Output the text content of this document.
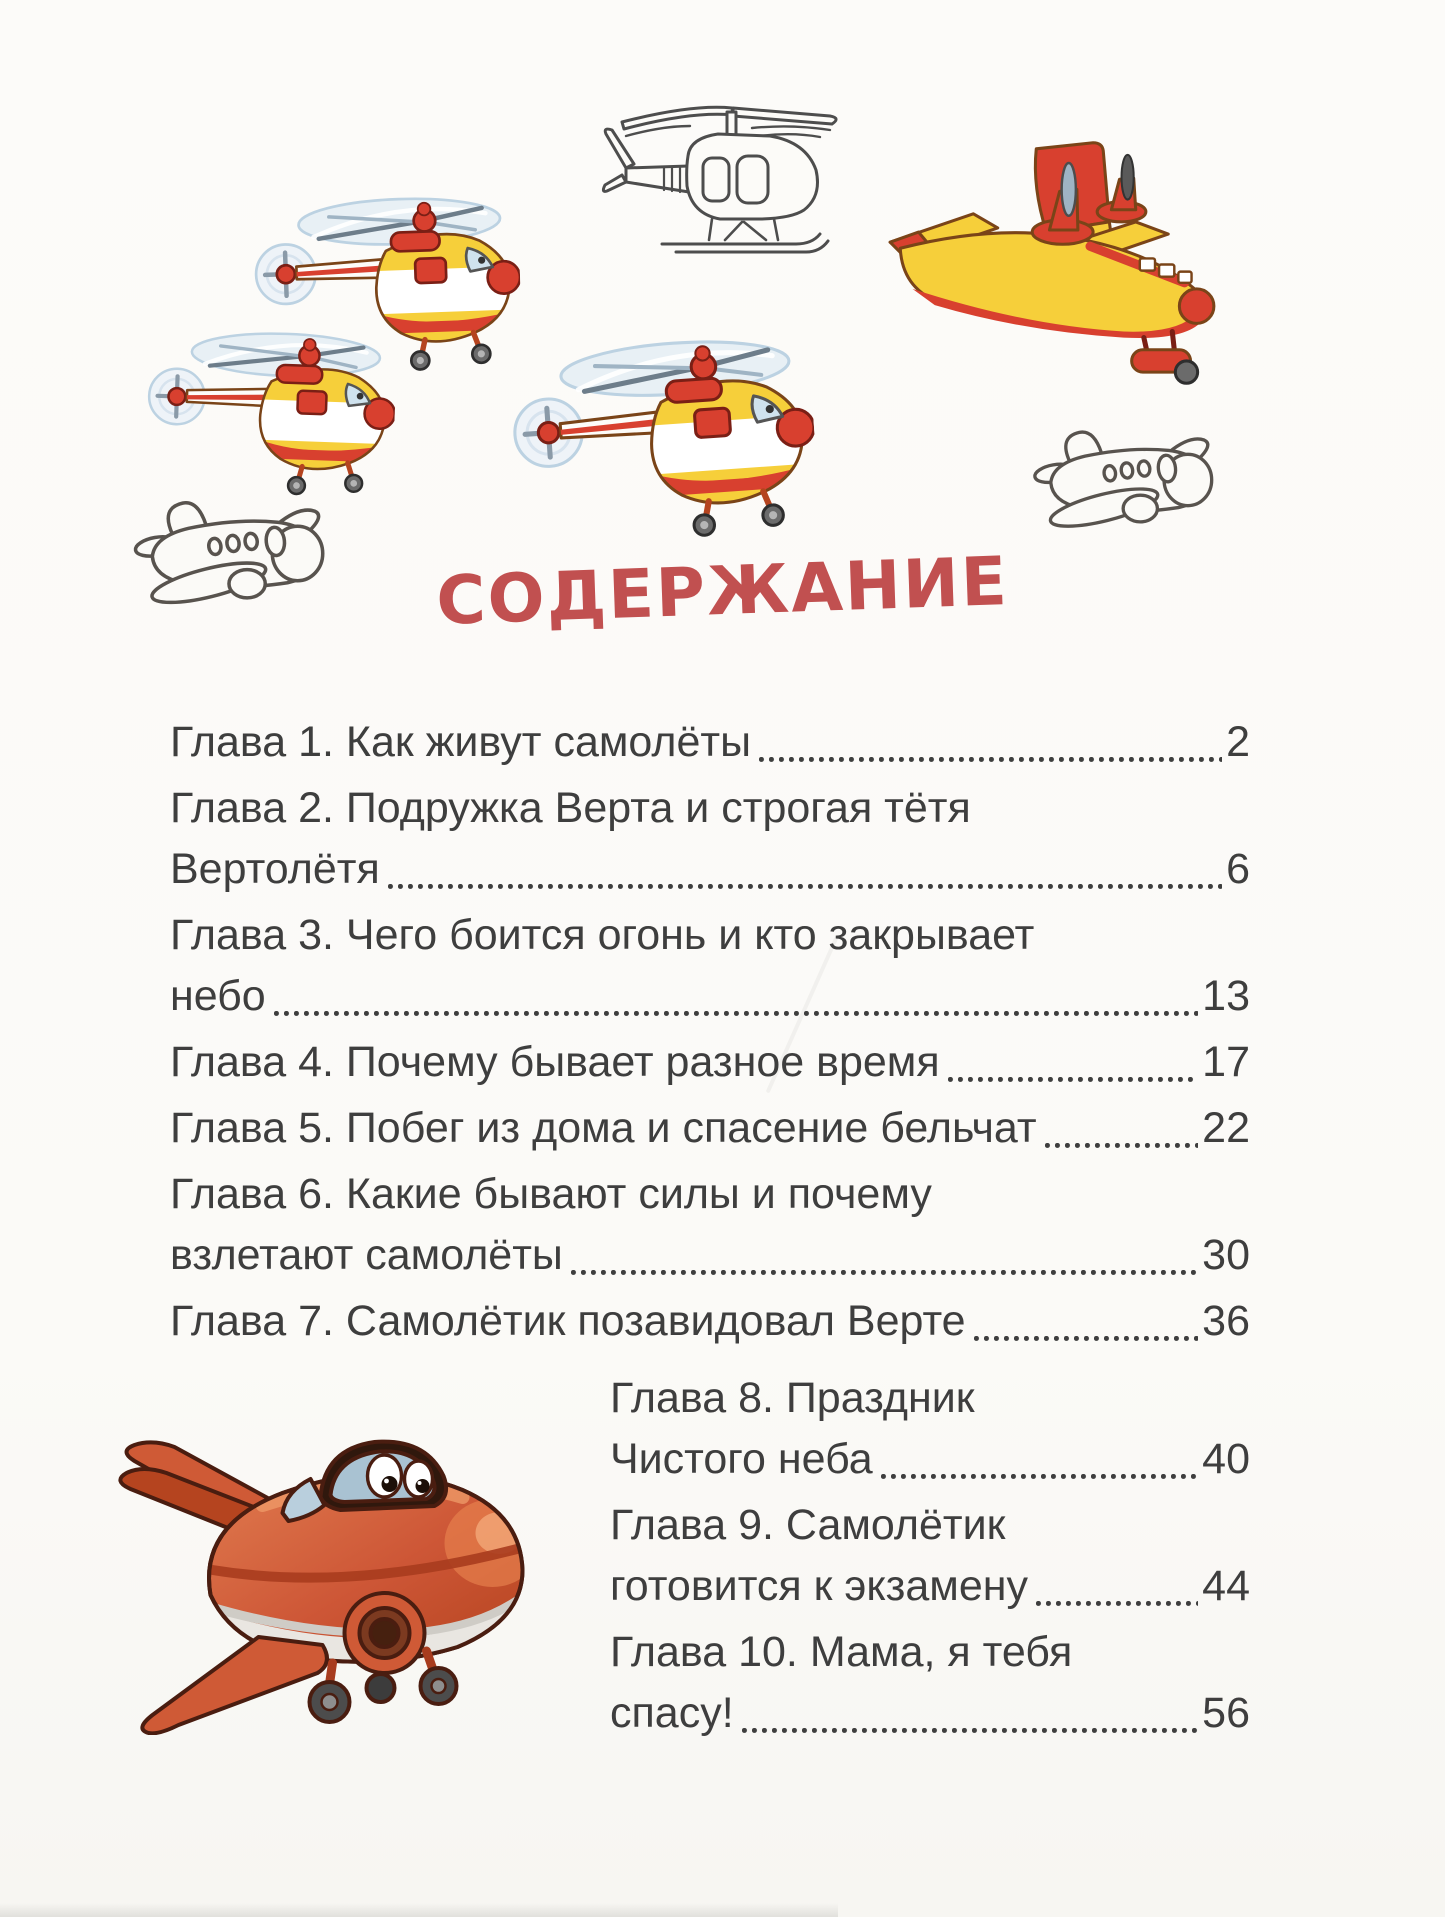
СОДЕРЖАНИЕ
Глава 1. Как живут самолёты	2
Глава 2. Подружка Верта и строгая тётя
Вертолётя	6
Глава 3. Чего боится огонь и кто закрывает
небо	13
Глава 4. Почему бывает разное время	17
Глава 5. Побег из дома и спасение бельчат	22
Глава 6. Какие бывают силы и почему
взлетают самолёты	30
Глава 7. Самолётик позавидовал Верте	36
Глава 8. Праздник
Чистого неба	40
Глава 9. Самолётик
готовится к экзамену	44
Глава 10. Мама, я тебя
спасу!	56
